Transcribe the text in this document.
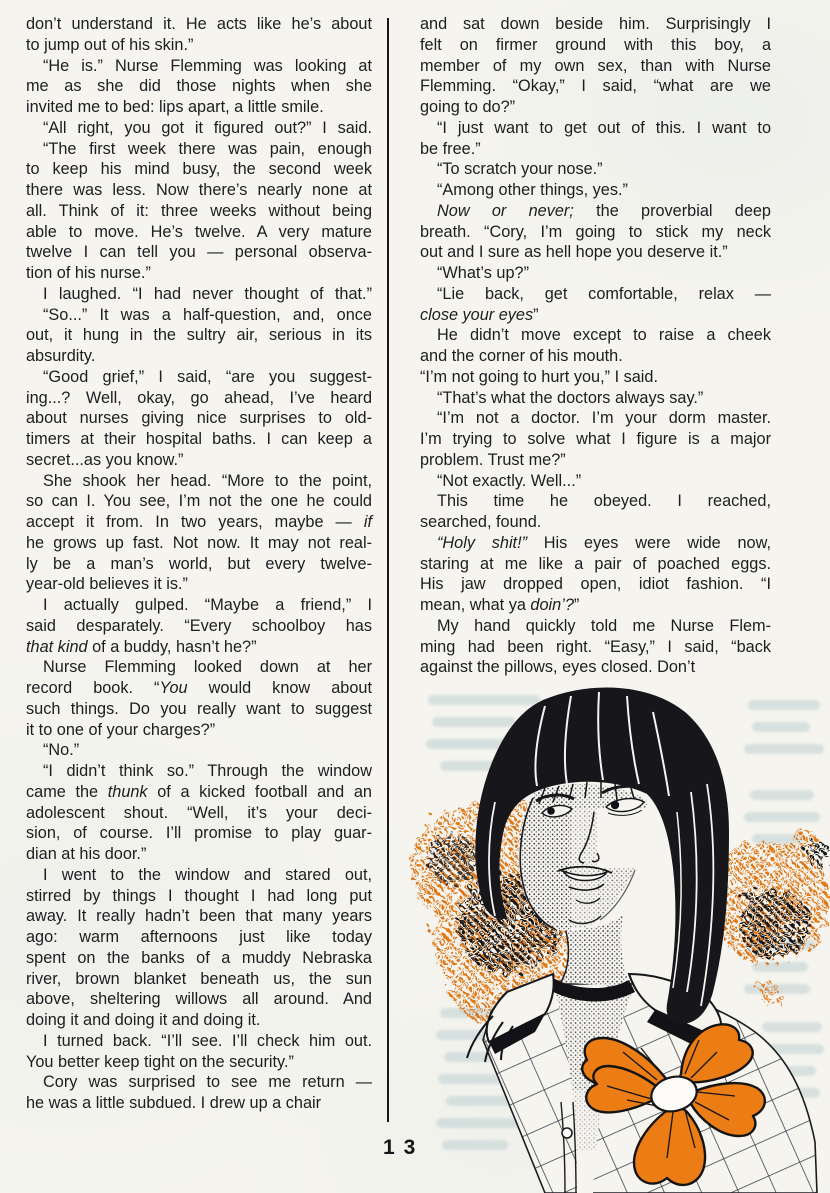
don’t understand it. He acts like he’s about
to jump out of his skin.”
“He is.” Nurse Flemming was looking at
me as she did those nights when she
invited me to bed: lips apart, a little smile.
“All right, you got it figured out?” I said.
“The first week there was pain, enough
to keep his mind busy, the second week
there was less. Now there’s nearly none at
all. Think of it: three weeks without being
able to move. He’s twelve. A very mature
twelve I can tell you — personal observa-
tion of his nurse.”
I laughed. “I had never thought of that.”
“So...” It was a half-question, and, once
out, it hung in the sultry air, serious in its
absurdity.
“Good grief,” I said, “are you suggest-
ing...? Well, okay, go ahead, I’ve heard
about nurses giving nice surprises to old-
timers at their hospital baths. I can keep a
secret...as you know.”
She shook her head. “More to the point,
so can I. You see, I’m not the one he could
accept it from. In two years, maybe — if
he grows up fast. Not now. It may not real-
ly be a man’s world, but every twelve-
year-old believes it is.”
I actually gulped. “Maybe a friend,” I
said desparately. “Every schoolboy has
that kind of a buddy, hasn’t he?”
Nurse Flemming looked down at her
record book. “You would know about
such things. Do you really want to suggest
it to one of your charges?”
“No.”
“I didn’t think so.” Through the window
came the thunk of a kicked football and an
adolescent shout. “Well, it’s your deci-
sion, of course. I’ll promise to play guar-
dian at his door.”
I went to the window and stared out,
stirred by things I thought I had long put
away. It really hadn’t been that many years
ago: warm afternoons just like today
spent on the banks of a muddy Nebraska
river, brown blanket beneath us, the sun
above, sheltering willows all around. And
doing it and doing it and doing it.
I turned back. “I’ll see. I’ll check him out.
You better keep tight on the security.”
Cory was surprised to see me return —
he was a little subdued. I drew up a chair
and sat down beside him. Surprisingly I
felt on firmer ground with this boy, a
member of my own sex, than with Nurse
Flemming. “Okay,” I said, “what are we
going to do?”
“I just want to get out of this. I want to
be free.”
“To scratch your nose.”
“Among other things, yes.”
Now or never; the proverbial deep
breath. “Cory, I’m going to stick my neck
out and I sure as hell hope you deserve it.”
“What’s up?”
“Lie back, get comfortable, relax —
close your eyes”
He didn’t move except to raise a cheek
and the corner of his mouth.
“I’m not going to hurt you,” I said.
“That’s what the doctors always say.”
“I’m not a doctor. I’m your dorm master.
I’m trying to solve what I figure is a major
problem. Trust me?”
“Not exactly. Well...”
This time he obeyed. I reached,
searched, found.
“Holy shit!” His eyes were wide now,
staring at me like a pair of poached eggs.
His jaw dropped open, idiot fashion. “I
mean, what ya doin’?”
My hand quickly told me Nurse Flem-
ming had been right. “Easy,” I said, “back
against the pillows, eyes closed. Don’t
13
